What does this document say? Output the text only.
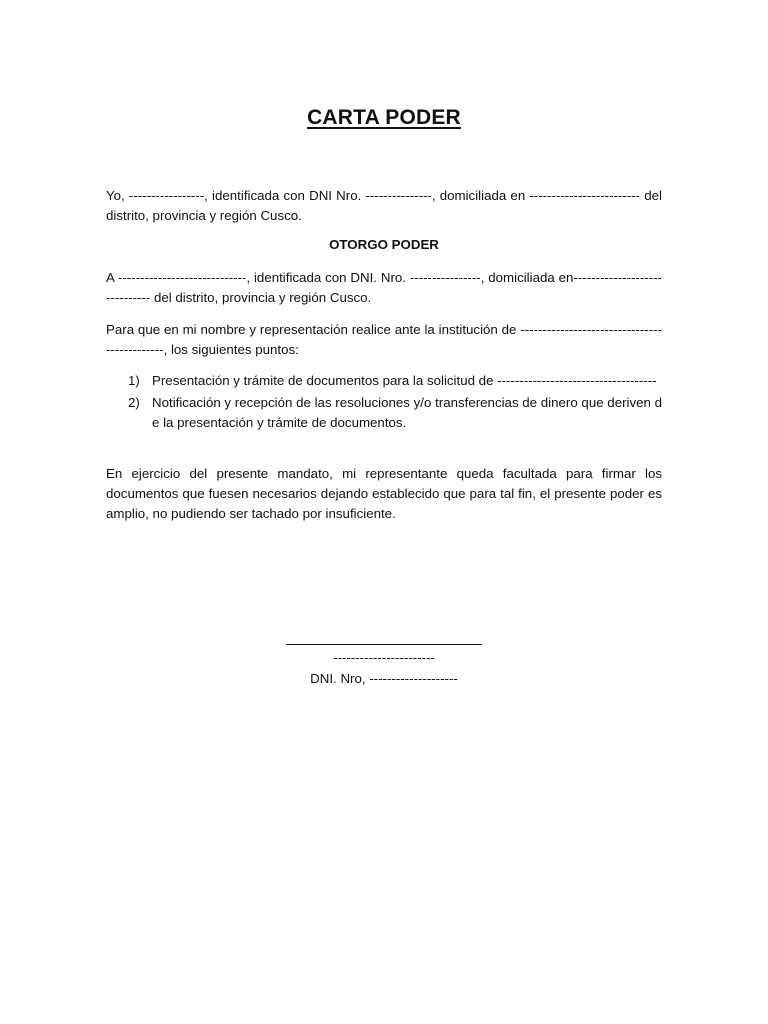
CARTA PODER
Yo, -----------------, identificada con DNI Nro. ---------------, domiciliada en ------------------------- del distrito, provincia y región Cusco.
OTORGO PODER
A -----------------------------, identificada con DNI. Nro. ----------------, domiciliada en------------------------------ del distrito, provincia y región Cusco.
Para que en mi nombre y representación realice ante la institución de ---------------------------------------------, los siguientes puntos:
1) Presentación y trámite de documentos para la solicitud de ------------------------------------
2) Notificación y recepción de las resoluciones y/o transferencias de dinero que deriven de la presentación y trámite de documentos.
En ejercicio del presente mandato, mi representante queda facultada para firmar los documentos que fuesen necesarios dejando establecido que para tal fin, el presente poder es amplio, no pudiendo ser tachado por insuficiente.
-----------------------
DNI. Nro, --------------------
